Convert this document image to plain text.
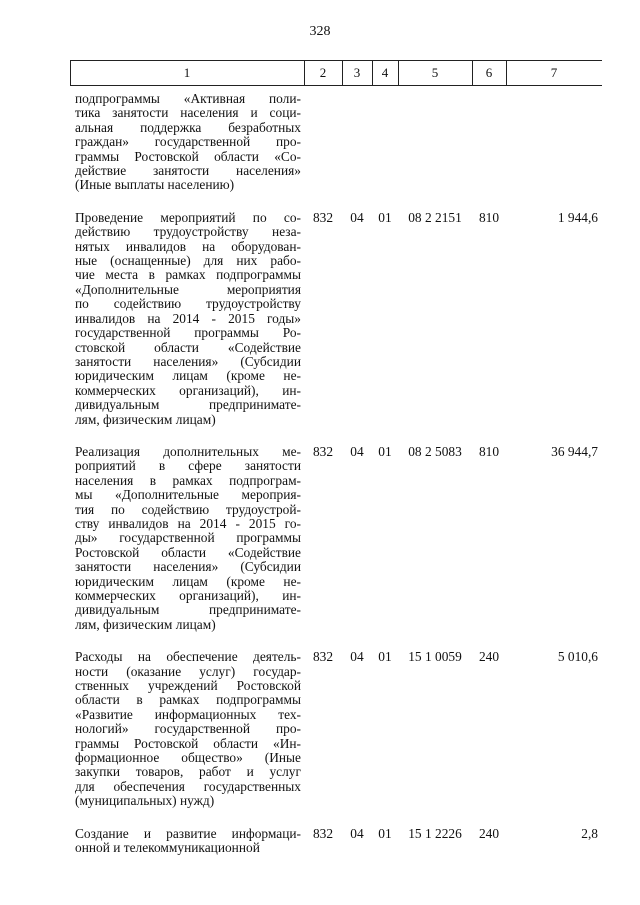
328
1	2	3	4	5	6	7
подпрограммы «Активная поли-
тика занятости населения и соци-
альная поддержка безработных
граждан» государственной про-
граммы Ростовской области «Со-
действие занятости населения»
(Иные выплаты населению)
Проведение мероприятий по со-
действию трудоустройству неза-
нятых инвалидов на оборудован-
ные (оснащенные) для них рабо-
чие места в рамках подпрограммы
«Дополнительные мероприятия
по содействию трудоустройству
инвалидов на 2014 - 2015 годы»
государственной программы Ро-
стовской области «Содействие
занятости населения» (Субсидии
юридическим лицам (кроме не-
коммерческих организаций), ин-
дивидуальным предпринимате-
лям, физическим лицам)
832	04	01	08 2 2151	810	1 944,6
Реализация дополнительных ме-
роприятий в сфере занятости
населения в рамках подпрограм-
мы «Дополнительные мероприя-
тия по содействию трудоустрой-
ству инвалидов на 2014 - 2015 го-
ды» государственной программы
Ростовской области «Содействие
занятости населения» (Субсидии
юридическим лицам (кроме не-
коммерческих организаций), ин-
дивидуальным предпринимате-
лям, физическим лицам)
832	04	01	08 2 5083	810	36 944,7
Расходы на обеспечение деятель-
ности (оказание услуг) государ-
ственных учреждений Ростовской
области в рамках подпрограммы
«Развитие информационных тех-
нологий» государственной про-
граммы Ростовской области «Ин-
формационное общество» (Иные
закупки товаров, работ и услуг
для обеспечения государственных
(муниципальных) нужд)
832	04	01	15 1 0059	240	5 010,6
Создание и развитие информаци-
онной и телекоммуникационной
832	04	01	15 1 2226	240	2,8
